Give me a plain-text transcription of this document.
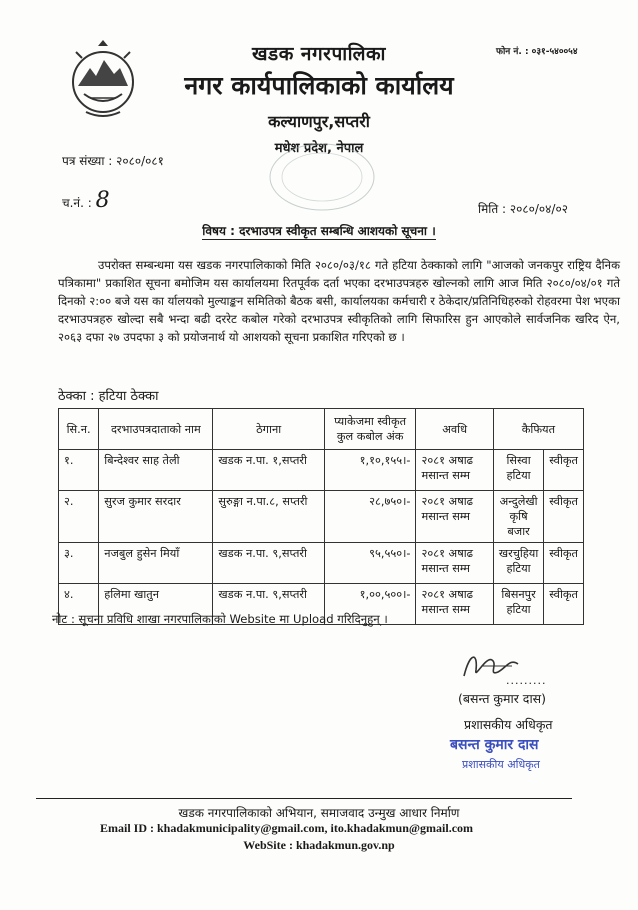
खडक नगरपालिका
नगर कार्यपालिकाको कार्यालय
कल्याणपुर,सप्तरी
मधेश प्रदेश, नेपाल
फोन नं. : ०३१-५४००५४
पत्र संख्या : २०८०/०८१
च.नं. : 8	मिति : २०८०/०४/०२
विषय : दरभाउपत्र स्वीकृत सम्बन्धि आशयको सूचना ।
उपरोक्त सम्बन्धमा यस खडक नगरपालिकाको मिति २०८०/०३/१८ गते हटिया ठेक्काको लागि "आजको जनकपुर राष्ट्रिय दैनिक पत्रिकामा" प्रकाशित सूचना बमोजिम यस कार्यालयमा रितपूर्वक दर्ता भएका दरभाउपत्रहरु खोल्नको लागि आज मिति २०८०/०४/०१ गते दिनको २:०० बजे यस का र्यालयको मुल्याङ्कन समितिको बैठक बसी, कार्यालयका कर्मचारी र ठेकेदार/प्रतिनिधिहरुको रोहवरमा पेश भएका दरभाउपत्रहरु खोल्दा सबै भन्दा बढी दररेट कबोल गरेको दरभाउपत्र स्वीकृतिको लागि सिफारिस हुन आएकोले सार्वजनिक खरिद ऐन, २०६३ दफा २७ उपदफा ३ को प्रयोजनार्थ यो आशयको सूचना प्रकाशित गरिएको छ ।
ठेक्का : हटिया ठेक्का
सि.न.	दरभाउपत्रदाताको नाम	ठेगाना	प्याकेजमा स्वीकृत कुल कबोल अंक	अवधि	कैफियत	
१.	बिन्देश्वर साह तेली	खडक न.पा. १,सप्तरी	१,१०,१५५।-	२०८१ अषाढ मसान्त सम्म	सिस्वा हटिया	स्वीकृत
२.	सुरज कुमार सरदार	सुरुङ्गा न.पा.८, सप्तरी	२८,७५०।-	२०८१ अषाढ मसान्त सम्म	अन्दुलेखी कृषि बजार	स्वीकृत
३.	नजबुल हुसेन मियाँ	खडक न.पा. ९,सप्तरी	९५,५५०।-	२०८१ अषाढ मसान्त सम्म	खरचुहिया हटिया	स्वीकृत
४.	हलिमा खातुन	खडक न.पा. ९,सप्तरी	१,००,५००।-	२०८१ अषाढ मसान्त सम्म	बिसनपुर हटिया	स्वीकृत
नोट : सूचना प्रविधि शाखा नगरपालिकाको Website मा Upload गरिदिनुहुन् ।
.........
(बसन्त कुमार दास)
प्रशासकीय अधिकृत
बसन्त कुमार दास
प्रशासकीय अधिकृत
खडक नगरपालिकाको अभियान, समाजवाद उन्मुख आधार निर्माण
Email ID : khadakmunicipality@gmail.com, ito.khadakmun@gmail.com
WebSite : khadakmun.gov.np
